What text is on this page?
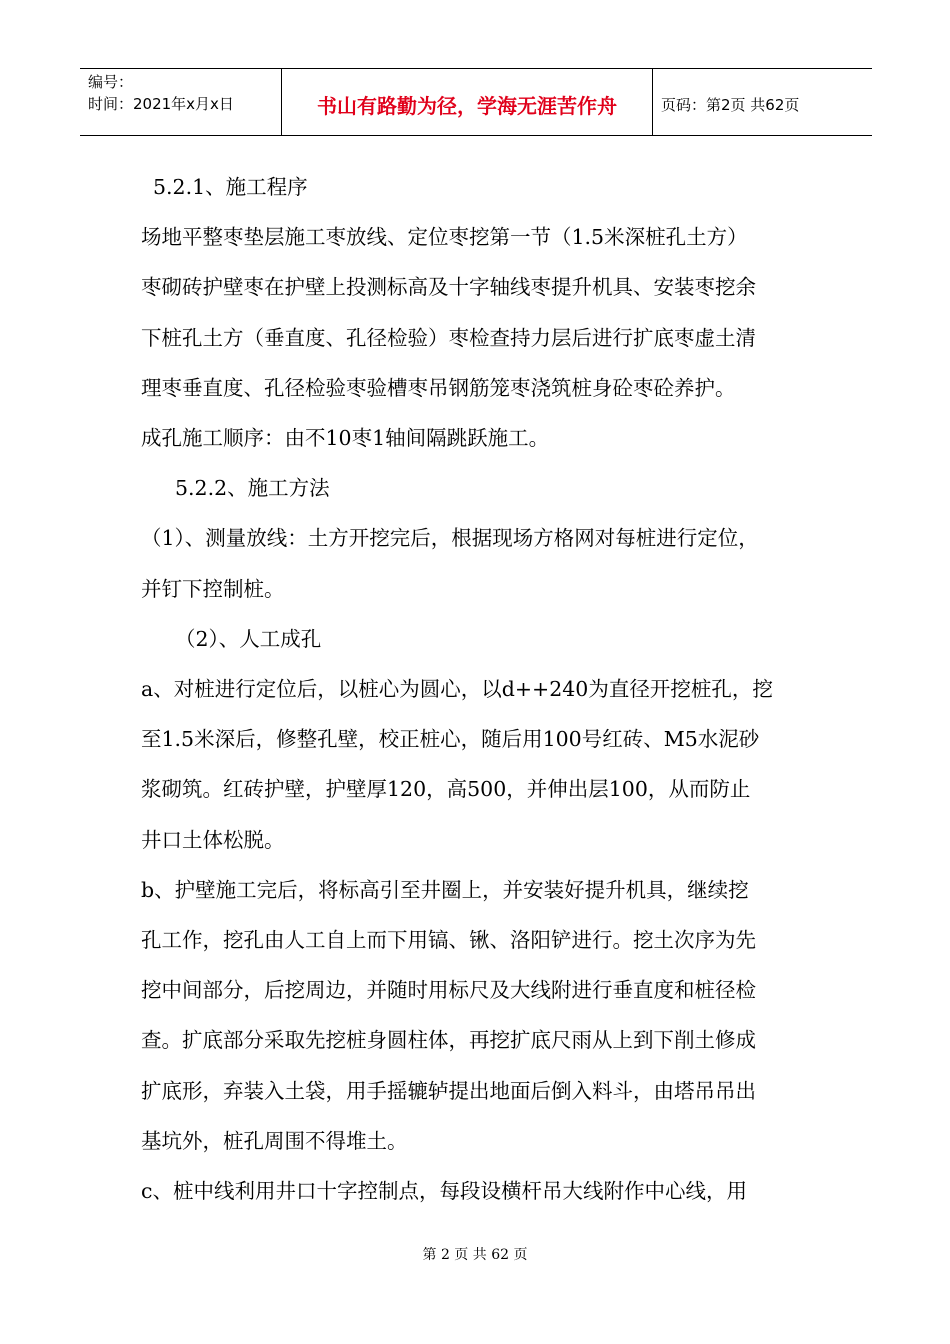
编号：
时间：2021年x月x日	书山有路勤为径，学海无涯苦作舟	页码：第2页 共62页

5.2.1、施工程序

场地平整枣垫层施工枣放线、定位枣挖第一节（1.5米深桩孔土方）

枣砌砖护壁枣在护壁上投测标高及十字轴线枣提升机具、安装枣挖余

下桩孔土方（垂直度、孔径检验）枣检查持力层后进行扩底枣虚土清

理枣垂直度、孔径检验枣验槽枣吊钢筋笼枣浇筑桩身砼枣砼养护。

成孔施工顺序：由不10枣1轴间隔跳跃施工。

5.2.2、施工方法

（1）、测量放线：土方开挖完后，根据现场方格网对每桩进行定位，

并钉下控制桩。

（2）、人工成孔

a、对桩进行定位后，以桩心为圆心，以d++240为直径开挖桩孔，挖

至1.5米深后，修整孔壁，校正桩心，随后用100号红砖、M5水泥砂

浆砌筑。红砖护壁，护壁厚120，高500，并伸出层100，从而防止

井口土体松脱。

b、护壁施工完后，将标高引至井圈上，并安装好提升机具，继续挖

孔工作，挖孔由人工自上而下用镐、锹、洛阳铲进行。挖土次序为先

挖中间部分，后挖周边，并随时用标尺及大线附进行垂直度和桩径检

查。扩底部分采取先挖桩身圆柱体，再挖扩底尺雨从上到下削土修成

扩底形，弃装入土袋，用手摇辘轳提出地面后倒入料斗，由塔吊吊出

基坑外，桩孔周围不得堆土。

c、桩中线利用井口十字控制点，每段设横杆吊大线附作中心线，用

第 2 页 共 62 页
